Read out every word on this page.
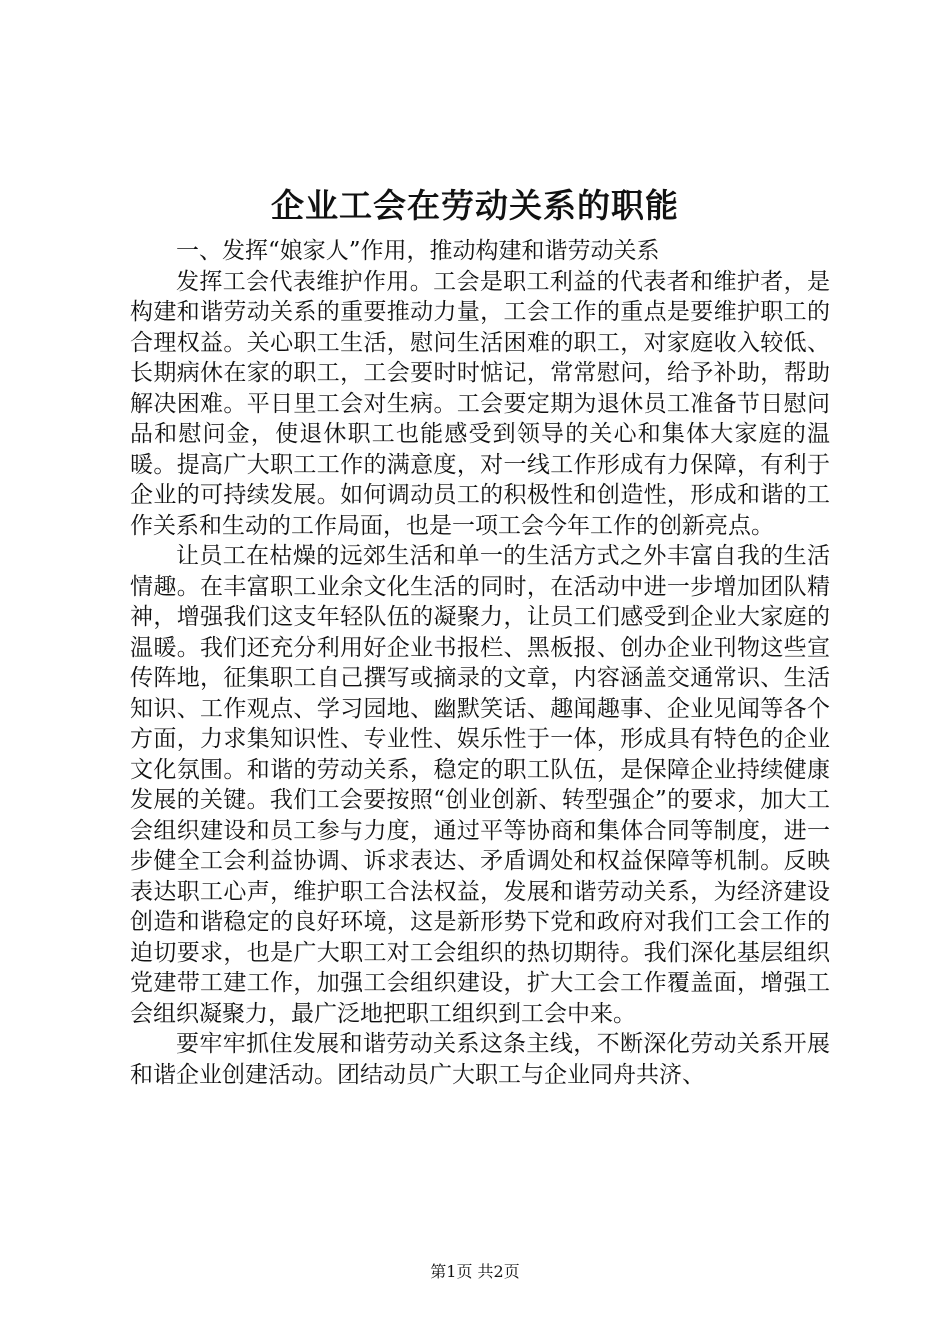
企业工会在劳动关系的职能

一、发挥“娘家人”作用，推动构建和谐劳动关系

发挥工会代表维护作用。工会是职工利益的代表者和维护者，是构建和谐劳动关系的重要推动力量，工会工作的重点是要维护职工的合理权益。关心职工生活，慰问生活困难的职工，对家庭收入较低、长期病休在家的职工，工会要时时惦记，常常慰问，给予补助，帮助解决困难。平日里工会对生病。工会要定期为退休员工准备节日慰问品和慰问金，使退休职工也能感受到领导的关心和集体大家庭的温暖。提高广大职工工作的满意度，对一线工作形成有力保障，有利于企业的可持续发展。如何调动员工的积极性和创造性，形成和谐的工作关系和生动的工作局面，也是一项工会今年工作的创新亮点。

让员工在枯燥的远郊生活和单一的生活方式之外丰富自我的生活情趣。在丰富职工业余文化生活的同时，在活动中进一步增加团队精神，增强我们这支年轻队伍的凝聚力，让员工们感受到企业大家庭的温暖。我们还充分利用好企业书报栏、黑板报、创办企业刊物这些宣传阵地，征集职工自己撰写或摘录的文章，内容涵盖交通常识、生活知识、工作观点、学习园地、幽默笑话、趣闻趣事、企业见闻等各个方面，力求集知识性、专业性、娱乐性于一体，形成具有特色的企业文化氛围。和谐的劳动关系，稳定的职工队伍，是保障企业持续健康发展的关键。我们工会要按照“创业创新、转型强企”的要求，加大工会组织建设和员工参与力度，通过平等协商和集体合同等制度，进一步健全工会利益协调、诉求表达、矛盾调处和权益保障等机制。反映表达职工心声，维护职工合法权益，发展和谐劳动关系，为经济建设创造和谐稳定的良好环境，这是新形势下党和政府对我们工会工作的迫切要求，也是广大职工对工会组织的热切期待。我们深化基层组织党建带工建工作，加强工会组织建设，扩大工会工作覆盖面，增强工会组织凝聚力，最广泛地把职工组织到工会中来。

要牢牢抓住发展和谐劳动关系这条主线，不断深化劳动关系开展和谐企业创建活动。团结动员广大职工与企业同舟共济、

第1页 共2页
